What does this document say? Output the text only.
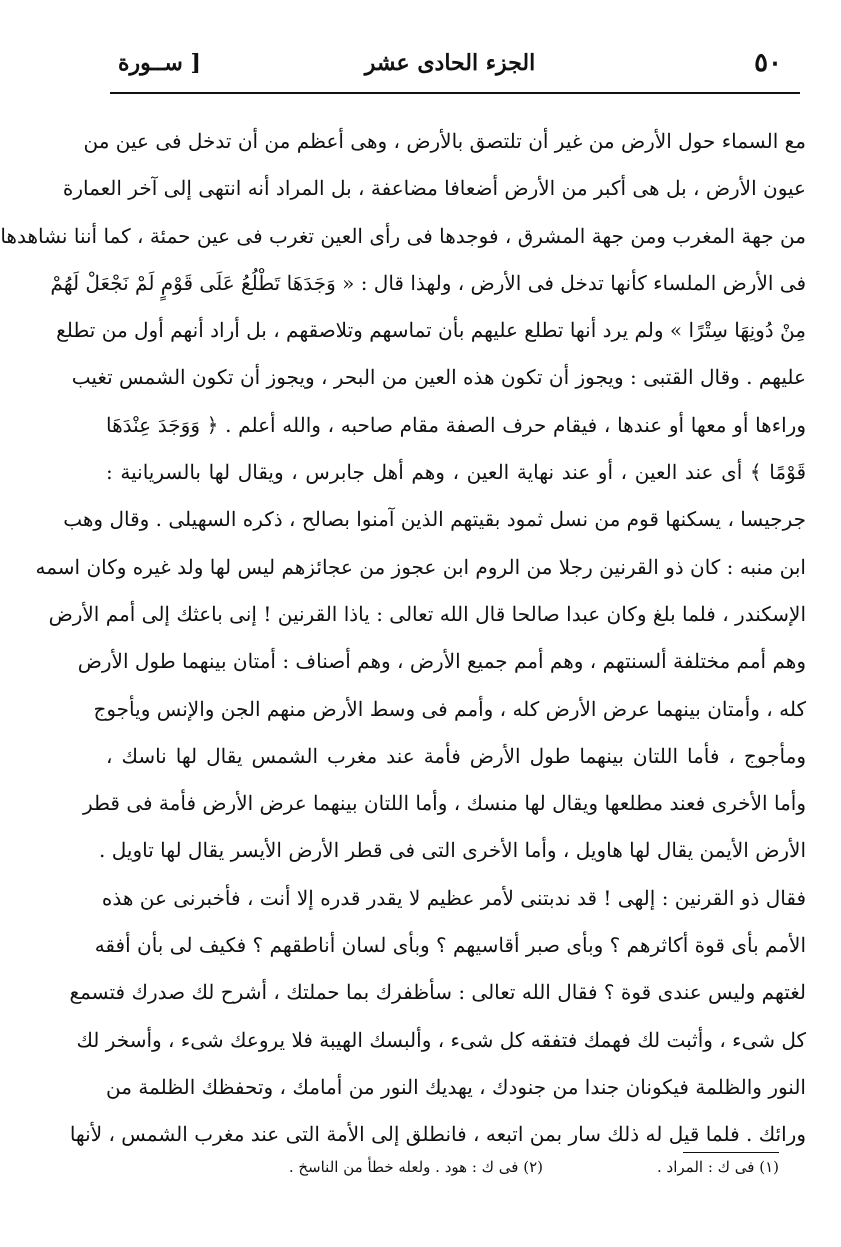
٥٠
الجزء الحادى عشر
[ ســورة
مع السماء حول الأرض من غير أن تلتصق بالأرض ، وهى أعظم من أن تدخل فى عين من
عيون الأرض ، بل هى أكبر من الأرض أضعافا مضاعفة ، بل المراد أنه انتهى إلى آخر العمارة
من جهة المغرب ومن جهة المشرق ، فوجدها فى رأى العين تغرب فى عين حمئة ، كما أننا نشاهدها
فى الأرض الملساء كأنها تدخل فى الأرض ، ولهذا قال : « وَجَدَهَا تَطْلُعُ عَلَى قَوْمٍ لَمْ نَجْعَلْ لَهُمْ
مِنْ دُونِهَا سِتْرًا » ولم يرد أنها تطلع عليهم بأن تماسهم وتلاصقهم ، بل أراد أنهم أول من تطلع
عليهم . وقال القتبى : ويجوز أن تكون هذه العين من البحر ، ويجوز أن تكون الشمس تغيب
وراءها أو معها أو عندها ، فيقام حرف الصفة مقام صاحبه ، والله أعلم . ﴿ وَوَجَدَ عِنْدَهَا
قَوْمًا ﴾ أى عند العين ، أو عند نهاية العين ، وهم أهل جابرس ، ويقال لها بالسريانية :
جرجيسا ، يسكنها قوم من نسل ثمود بقيتهم الذين آمنوا بصالح ، ذكره السهيلى . وقال وهب
ابن منبه : كان ذو القرنين رجلا من الروم ابن عجوز من عجائزهم ليس لها ولد غيره وكان اسمه
الإسكندر ، فلما بلغ وكان عبدا صالحا قال الله تعالى : ياذا القرنين ! إنى باعثك إلى أمم الأرض
وهم أمم مختلفة ألسنتهم ، وهم أمم جميع الأرض ، وهم أصناف : أمتان بينهما طول الأرض
كله ، وأمتان بينهما عرض الأرض كله ، وأمم فى وسط الأرض منهم الجن والإنس ويأجوج
ومأجوج ، فأما اللتان بينهما طول الأرض فأمة عند مغرب الشمس يقال لها ناسك ،
وأما الأخرى فعند مطلعها ويقال لها منسك ، وأما اللتان بينهما عرض الأرض فأمة فى قطر
الأرض الأيمن يقال لها هاويل ، وأما الأخرى التى فى قطر الأرض الأيسر يقال لها تاويل .
فقال ذو القرنين : إلهى ! قد ندبتنى لأمر عظيم لا يقدر قدره إلا أنت ، فأخبرنى عن هذه
الأمم بأى قوة أكاثرهم ؟ وبأى صبر أقاسيهم ؟ وبأى لسان أناطقهم ؟ فكيف لى بأن أفقه
لغتهم وليس عندى قوة ؟ فقال الله تعالى : سأظفرك بما حملتك ، أشرح لك صدرك فتسمع
كل شىء ، وأثبت لك فهمك فتفقه كل شىء ، وألبسك الهيبة فلا يروعك شىء ، وأسخر لك
النور والظلمة فيكونان جندا من جنودك ، يهديك النور من أمامك ، وتحفظك الظلمة من
ورائك . فلما قيل له ذلك سار بمن اتبعه ، فانطلق إلى الأمة التى عند مغرب الشمس ، لأنها
(١) فى ك : المراد .
(٢) فى ك : هود . ولعله خطأ من الناسخ .
